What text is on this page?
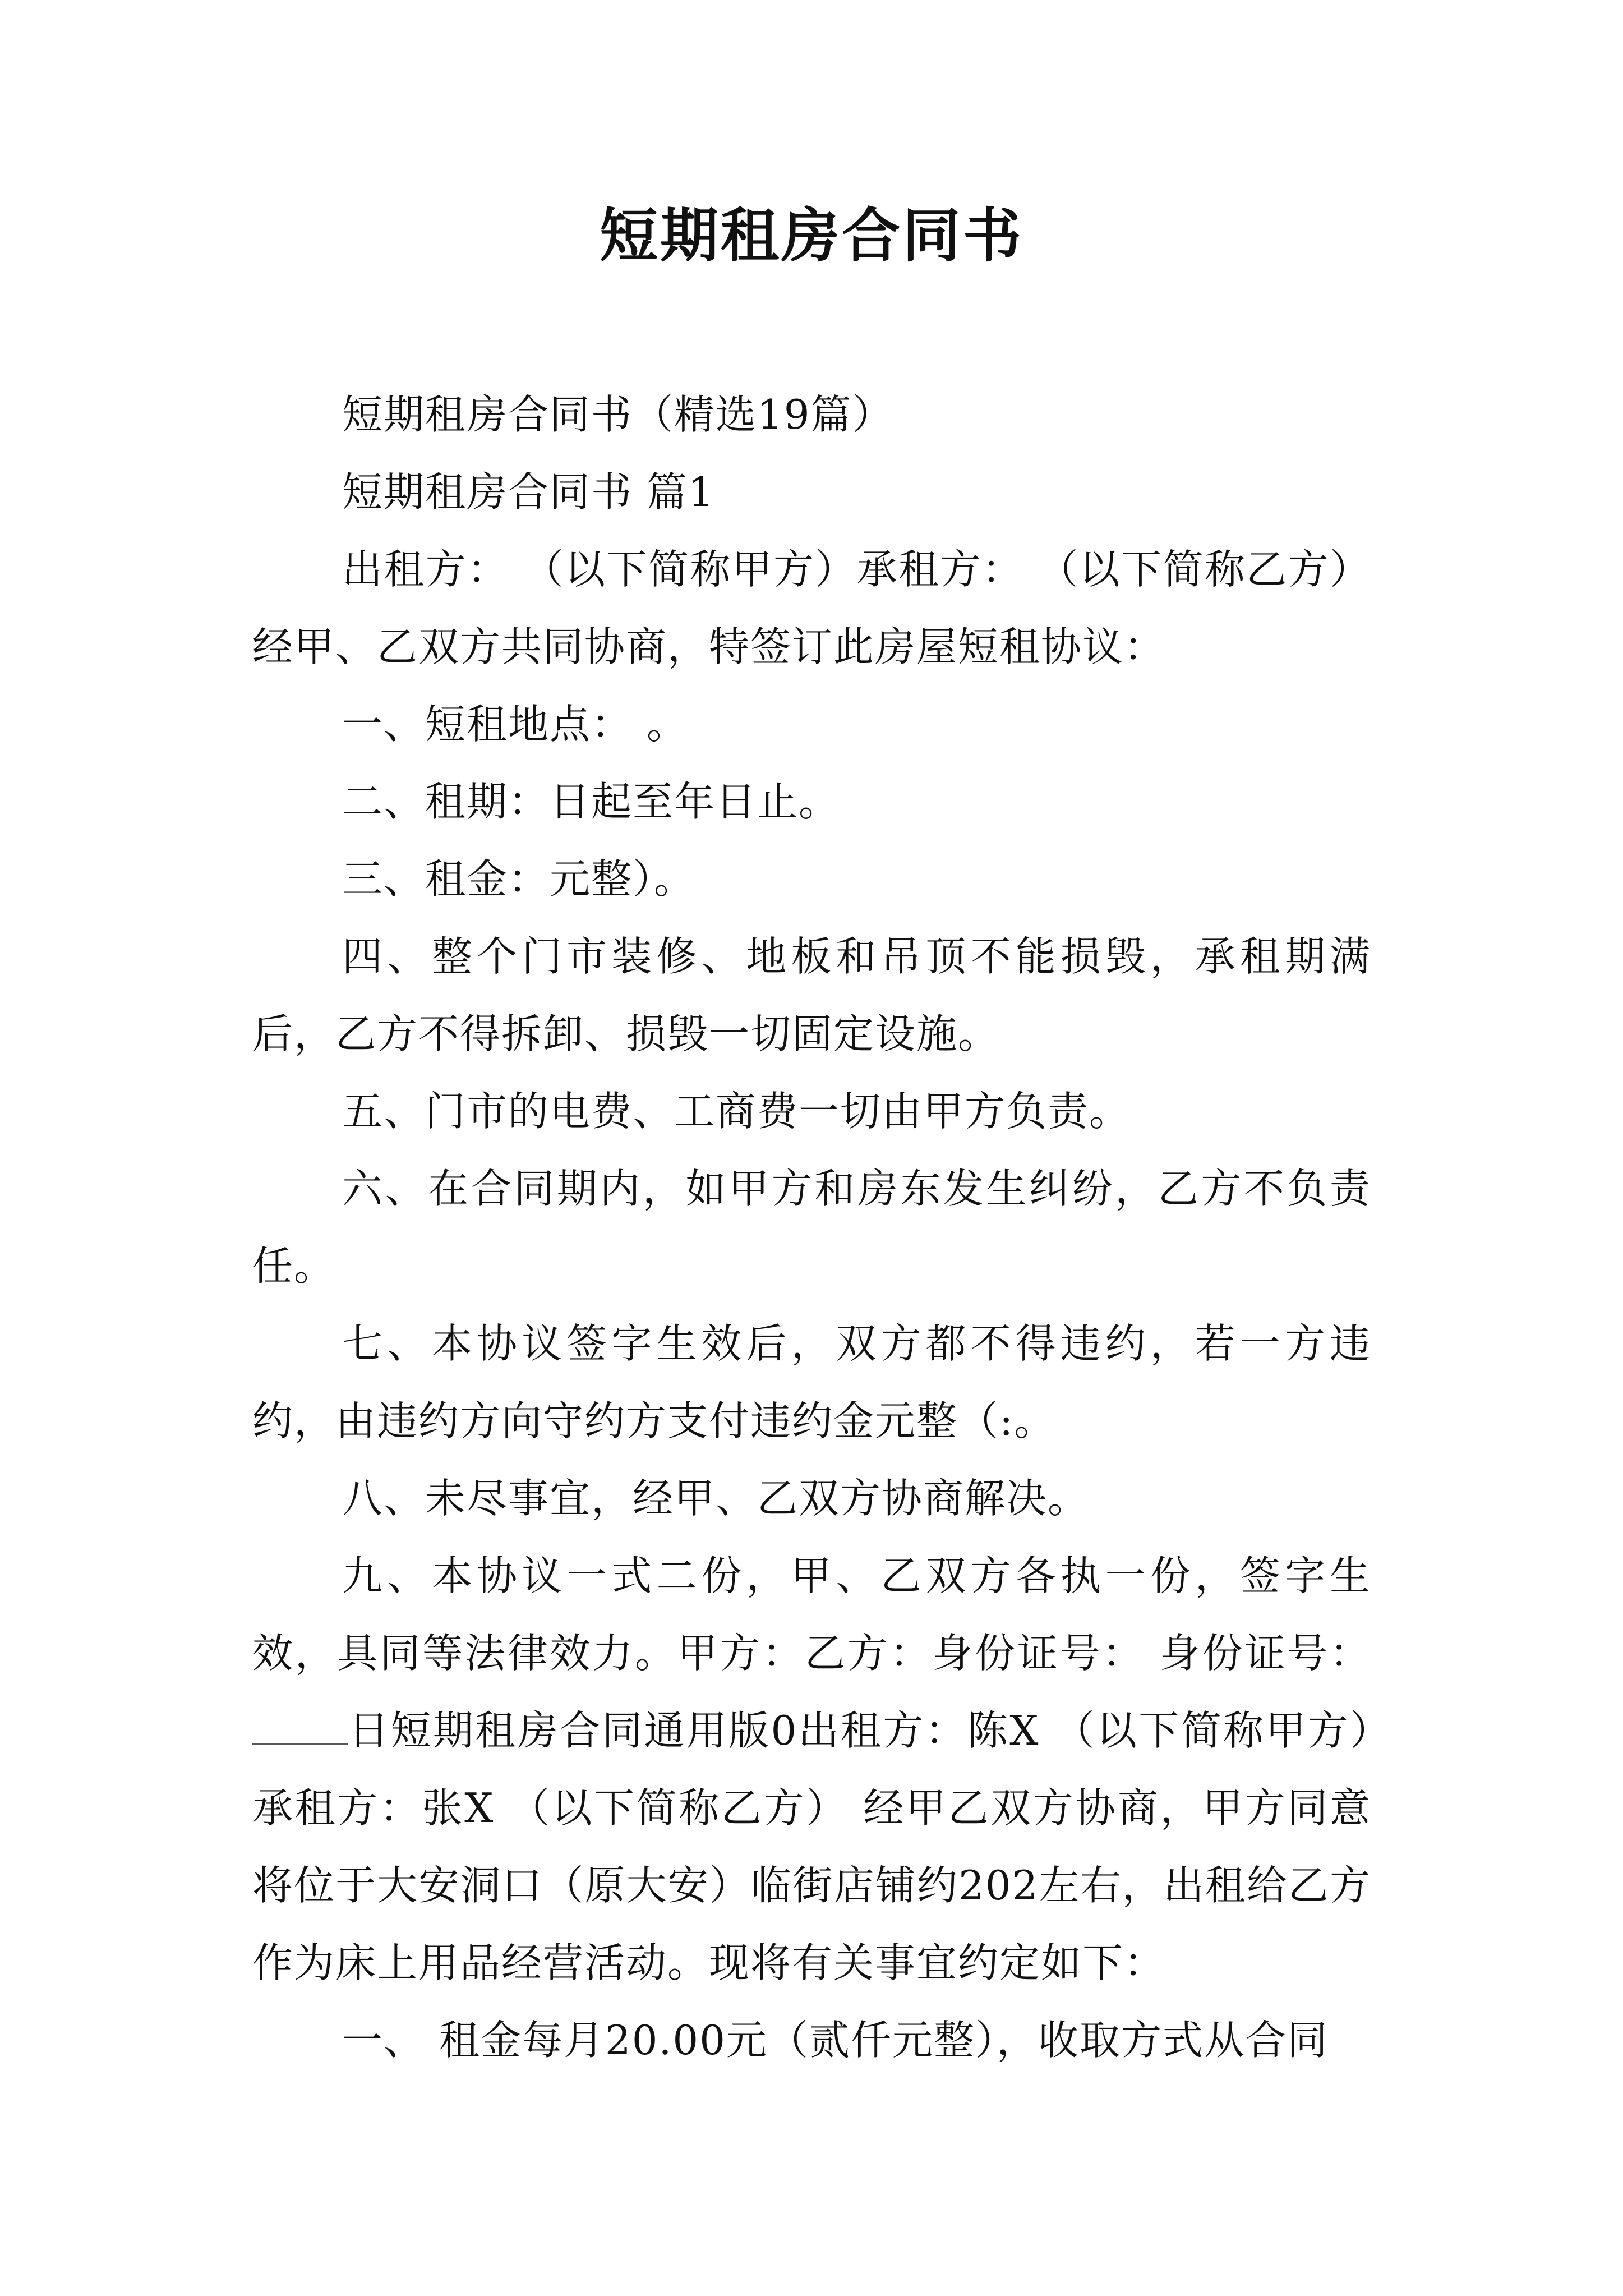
短期租房合同书

短期租房合同书（精选19篇）

短期租房合同书 篇1

出租方： （以下简称甲方）承租方： （以下简称乙方）经甲、乙双方共同协商，特签订此房屋短租协议：

一、短租地点： 。

二、租期：日起至年日止。

三、租金：元整）。

四、整个门市装修、地板和吊顶不能损毁，承租期满后，乙方不得拆卸、损毁一切固定设施。

五、门市的电费、工商费一切由甲方负责。

六、在合同期内，如甲方和房东发生纠纷，乙方不负责任。

七、本协议签字生效后，双方都不得违约，若一方违约，由违约方向守约方支付违约金元整（:。

八、未尽事宜，经甲、乙双方协商解决。

九、本协议一式二份，甲、乙双方各执一份，签字生效，具同等法律效力。甲方：乙方：身份证号： 身份证号：日短期租房合同通用版0出租方：陈X （以下简称甲方）承租方：张X （以下简称乙方） 经甲乙双方协商，甲方同意将位于大安洞口（原大安）临街店铺约202左右，出租给乙方作为床上用品经营活动。现将有关事宜约定如下：

一、 租金每月20.00元（贰仟元整），收取方式从合同
